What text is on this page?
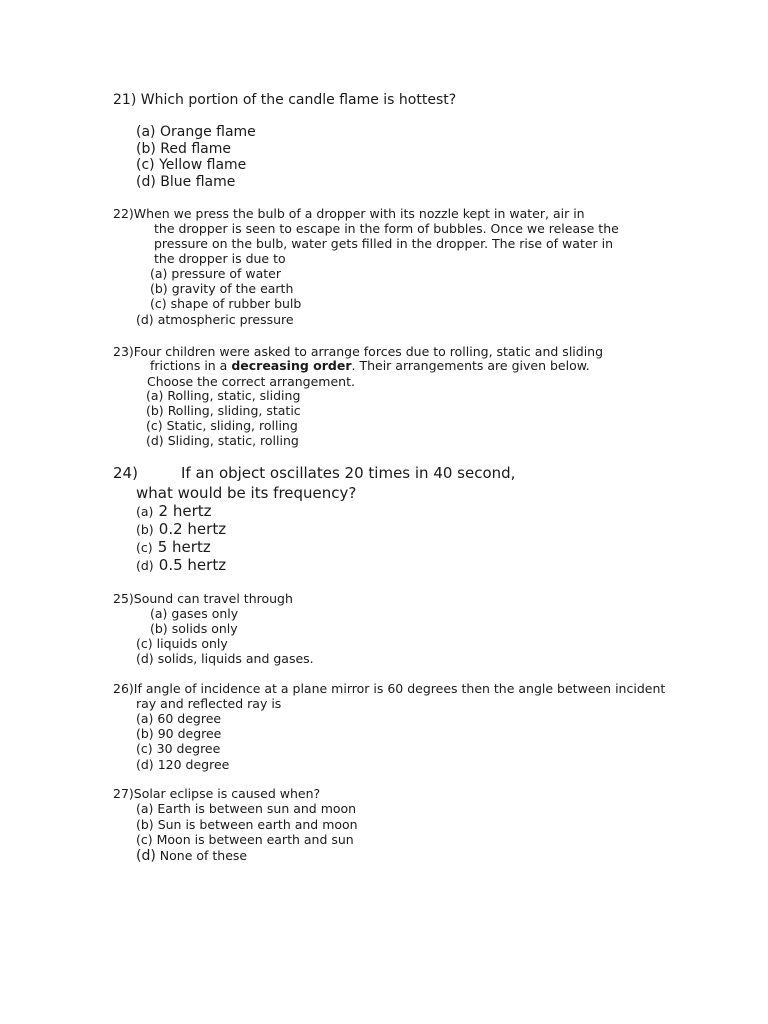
21) Which portion of the candle flame is hottest?
(a) Orange flame
(b) Red flame
(c) Yellow flame
(d) Blue flame
22)When we press the bulb of a dropper with its nozzle kept in water, air in
the dropper is seen to escape in the form of bubbles. Once we release the
pressure on the bulb, water gets filled in the dropper. The rise of water in
the dropper is due to
(a) pressure of water
(b) gravity of the earth
(c) shape of rubber bulb
(d) atmospheric pressure
23)Four children were asked to arrange forces due to rolling, static and sliding
frictions in a decreasing order. Their arrangements are given below.
Choose the correct arrangement.
(a) Rolling, static, sliding
(b) Rolling, sliding, static
(c) Static, sliding, rolling
(d) Sliding, static, rolling
24)	If an object oscillates 20 times in 40 second,
what would be its frequency?
(a) 2 hertz
(b) 0.2 hertz
(c) 5 hertz
(d) 0.5 hertz
25)Sound can travel through
(a) gases only
(b) solids only
(c) liquids only
(d) solids, liquids and gases.
26)If angle of incidence at a plane mirror is 60 degrees then the angle between incident
ray and reflected ray is
(a) 60 degree
(b) 90 degree
(c) 30 degree
(d) 120 degree
27)Solar eclipse is caused when?
(a) Earth is between sun and moon
(b) Sun is between earth and moon
(c) Moon is between earth and sun
(d) None of these
